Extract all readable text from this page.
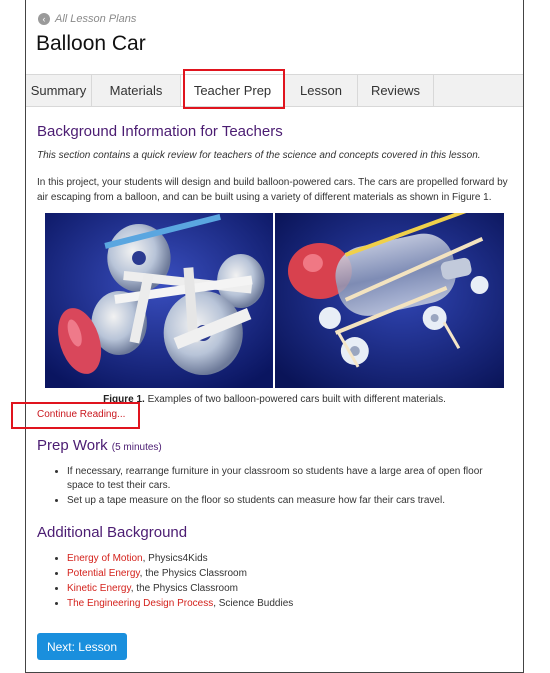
‹ All Lesson Plans
Balloon Car
Summary	Materials	Teacher Prep	Lesson	Reviews
Background Information for Teachers

This section contains a quick review for teachers of the science and concepts covered in this lesson.

In this project, your students will design and build balloon-powered cars. The cars are propelled forward by air escaping from a balloon, and can be built using a variety of different materials as shown in Figure 1.

Figure 1. Examples of two balloon-powered cars built with different materials.
Continue Reading...
Prep Work (5 minutes)
• If necessary, rearrange furniture in your classroom so students have a large area of open floor space to test their cars.
• Set up a tape measure on the floor so students can measure how far their cars travel.
Additional Background
• Energy of Motion, Physics4Kids
• Potential Energy, the Physics Classroom
• Kinetic Energy, the Physics Classroom
• The Engineering Design Process, Science Buddies
Next: Lesson
